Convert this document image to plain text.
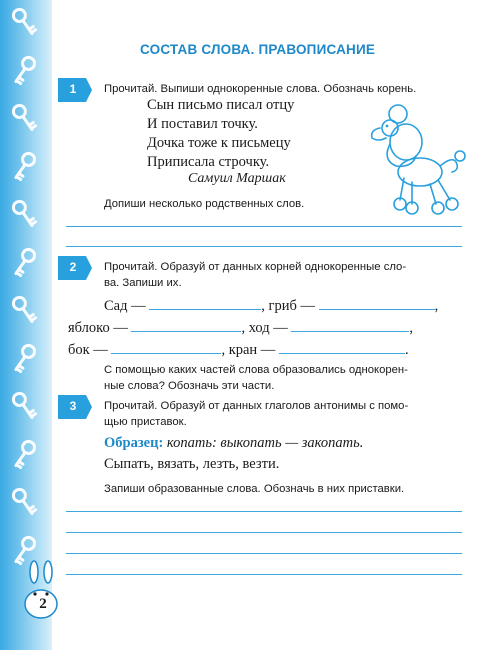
2
СОСТАВ СЛОВА. ПРАВОПИСАНИЕ
1	Прочитай. Выпиши однокоренные слова. Обозначь корень.
Сын письмо писал отцу
И поставил точку.
Дочка тоже к письмецу
Приписала строчку.
Самуил Маршак
Допиши несколько родственных слов.
2	Прочитай. Образуй от данных корней однокоренные сло-
ва. Запиши их.
Сад —	, гриб —	,
яблоко —	, ход —	,
бок —	, кран —	.
С помощью каких частей слова образовались однокорен-
ные слова? Обозначь эти части.
3	Прочитай. Образуй от данных глаголов антонимы с помо-
щью приставок.
Образец: копать: выкопать — закопать.
Сыпать, вязать, лезть, везти.
Запиши образованные слова. Обозначь в них приставки.
